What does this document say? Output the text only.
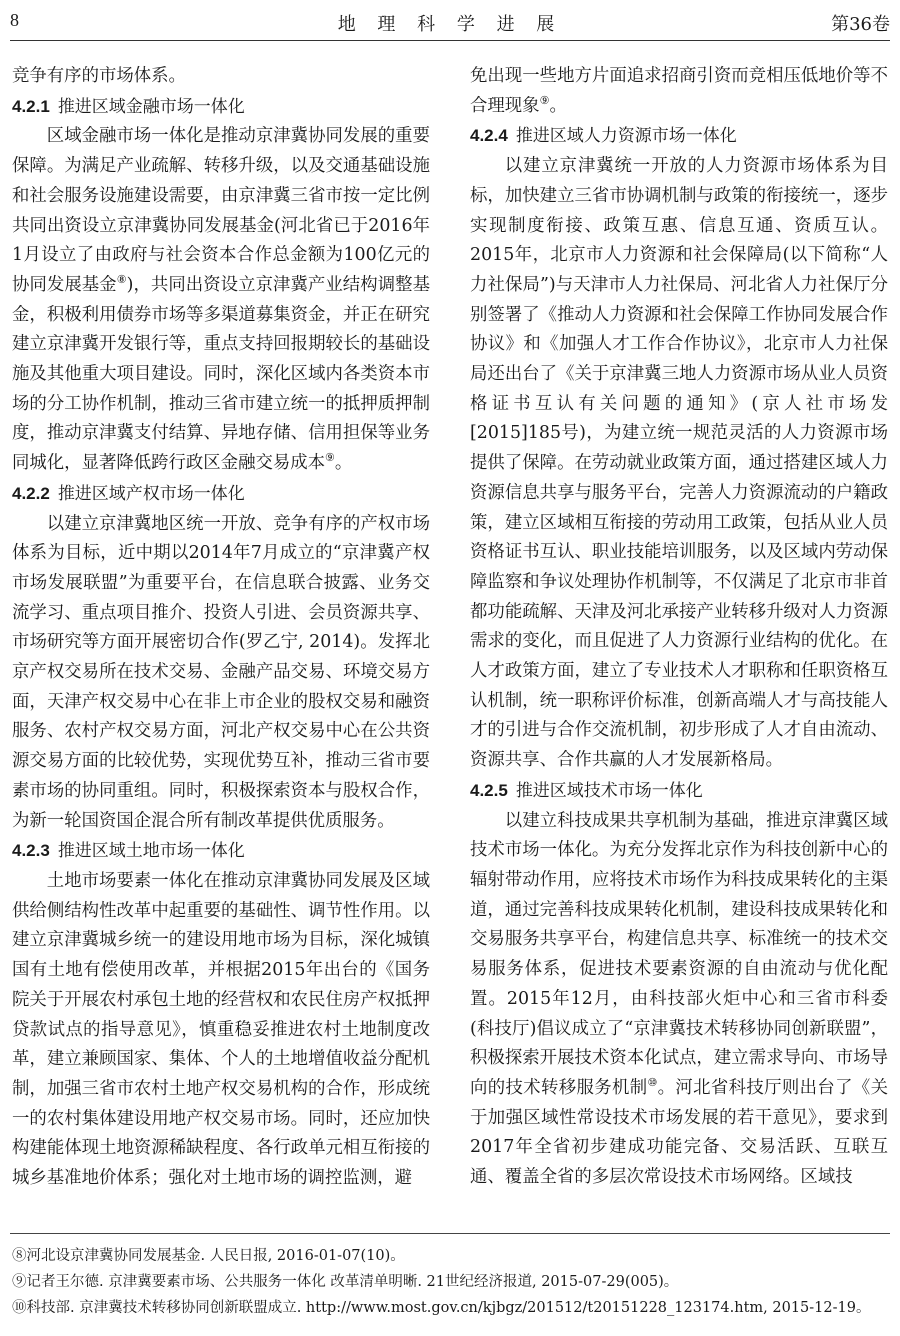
8	地 理 科 学 进 展	第36卷

竞争有序的市场体系。

4.2.1 推进区域金融市场一体化

区域金融市场一体化是推动京津冀协同发展的重要保障。为满足产业疏解、转移升级，以及交通基础设施和社会服务设施建设需要，由京津冀三省市按一定比例共同出资设立京津冀协同发展基金(河北省已于2016年1月设立了由政府与社会资本合作总金额为100亿元的协同发展基金⑧)，共同出资设立京津冀产业结构调整基金，积极利用债券市场等多渠道募集资金，并正在研究建立京津冀开发银行等，重点支持回报期较长的基础设施及其他重大项目建设。同时，深化区域内各类资本市场的分工协作机制，推动三省市建立统一的抵押质押制度，推动京津冀支付结算、异地存储、信用担保等业务同城化，显著降低跨行政区金融交易成本⑨。

4.2.2 推进区域产权市场一体化

以建立京津冀地区统一开放、竞争有序的产权市场体系为目标，近中期以2014年7月成立的“京津冀产权市场发展联盟”为重要平台，在信息联合披露、业务交流学习、重点项目推介、投资人引进、会员资源共享、市场研究等方面开展密切合作(罗乙宁, 2014)。发挥北京产权交易所在技术交易、金融产品交易、环境交易方面，天津产权交易中心在非上市企业的股权交易和融资服务、农村产权交易方面，河北产权交易中心在公共资源交易方面的比较优势，实现优势互补，推动三省市要素市场的协同重组。同时，积极探索资本与股权合作，为新一轮国资国企混合所有制改革提供优质服务。

4.2.3 推进区域土地市场一体化

土地市场要素一体化在推动京津冀协同发展及区域供给侧结构性改革中起重要的基础性、调节性作用。以建立京津冀城乡统一的建设用地市场为目标，深化城镇国有土地有偿使用改革，并根据2015年出台的《国务院关于开展农村承包土地的经营权和农民住房产权抵押贷款试点的指导意见》，慎重稳妥推进农村土地制度改革，建立兼顾国家、集体、个人的土地增值收益分配机制，加强三省市农村土地产权交易机构的合作，形成统一的农村集体建设用地产权交易市场。同时，还应加快构建能体现土地资源稀缺程度、各行政单元相互衔接的城乡基准地价体系；强化对土地市场的调控监测，避

免出现一些地方片面追求招商引资而竞相压低地价等不合理现象⑨。

4.2.4 推进区域人力资源市场一体化

以建立京津冀统一开放的人力资源市场体系为目标，加快建立三省市协调机制与政策的衔接统一，逐步实现制度衔接、政策互惠、信息互通、资质互认。2015年，北京市人力资源和社会保障局(以下简称“人力社保局”)与天津市人力社保局、河北省人力社保厅分别签署了《推动人力资源和社会保障工作协同发展合作协议》和《加强人才工作合作协议》，北京市人力社保局还出台了《关于京津冀三地人力资源市场从业人员资格证书互认有关问题的通知》(京人社市场发[2015]185号)，为建立统一规范灵活的人力资源市场提供了保障。在劳动就业政策方面，通过搭建区域人力资源信息共享与服务平台，完善人力资源流动的户籍政策，建立区域相互衔接的劳动用工政策，包括从业人员资格证书互认、职业技能培训服务，以及区域内劳动保障监察和争议处理协作机制等，不仅满足了北京市非首都功能疏解、天津及河北承接产业转移升级对人力资源需求的变化，而且促进了人力资源行业结构的优化。在人才政策方面，建立了专业技术人才职称和任职资格互认机制，统一职称评价标准，创新高端人才与高技能人才的引进与合作交流机制，初步形成了人才自由流动、资源共享、合作共赢的人才发展新格局。

4.2.5 推进区域技术市场一体化

以建立科技成果共享机制为基础，推进京津冀区域技术市场一体化。为充分发挥北京作为科技创新中心的辐射带动作用，应将技术市场作为科技成果转化的主渠道，通过完善科技成果转化机制，建设科技成果转化和交易服务共享平台，构建信息共享、标准统一的技术交易服务体系，促进技术要素资源的自由流动与优化配置。2015年12月，由科技部火炬中心和三省市科委(科技厅)倡议成立了“京津冀技术转移协同创新联盟”，积极探索开展技术资本化试点，建立需求导向、市场导向的技术转移服务机制⑩。河北省科技厅则出台了《关于加强区域性常设技术市场发展的若干意见》，要求到2017年全省初步建成功能完备、交易活跃、互联互通、覆盖全省的多层次常设技术市场网络。区域技

⑧河北设京津冀协同发展基金. 人民日报, 2016-01-07(10)。
⑨记者王尔德. 京津冀要素市场、公共服务一体化 改革清单明晰. 21世纪经济报道, 2015-07-29(005)。
⑩科技部. 京津冀技术转移协同创新联盟成立. http://www.most.gov.cn/kjbgz/201512/t20151228_123174.htm, 2015-12-19。
